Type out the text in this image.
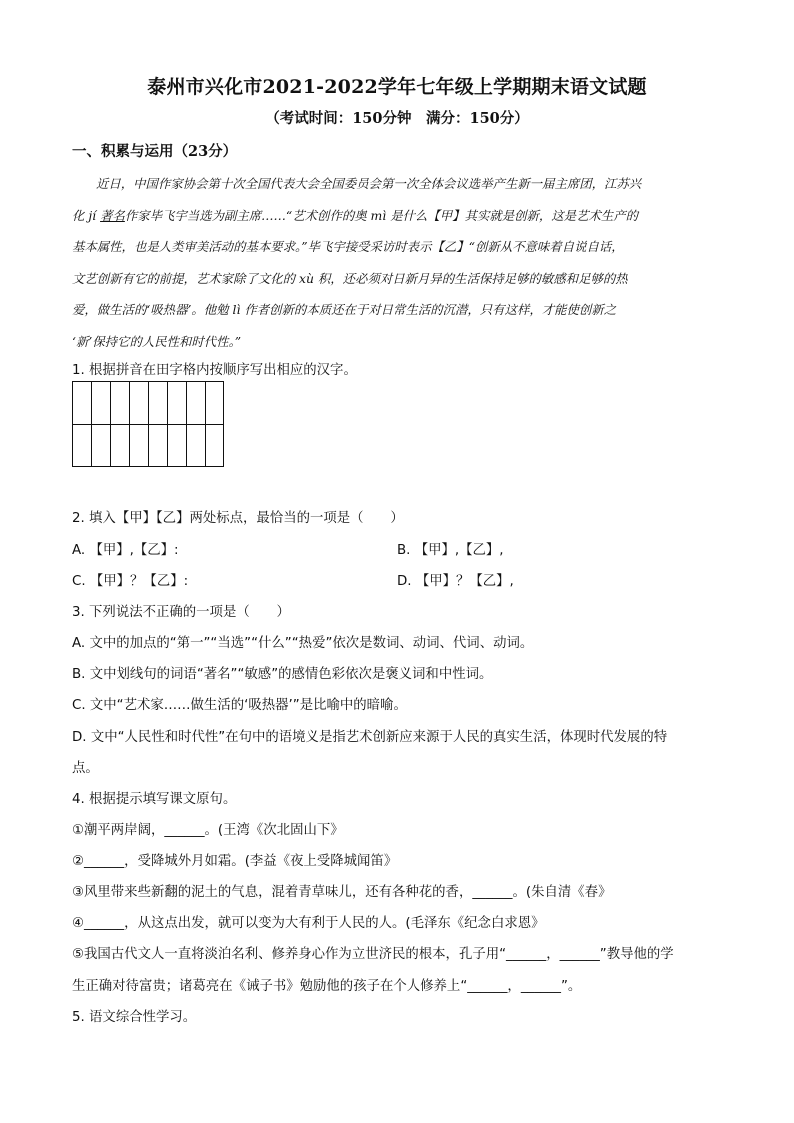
泰州市兴化市2021-2022学年七年级上学期期末语文试题
（考试时间：150分钟　满分：150分）
一、积累与运用（23分）

近日，中国作家协会第十次全国代表大会全国委员会第一次全体会议选举产生新一届主席团，江苏兴

化 jí 著名作家毕飞宇当选为副主席……“艺术创作的奥 mì 是什么【甲】其实就是创新，这是艺术生产的

基本属性，也是人类审美活动的基本要求。”毕飞宇接受采访时表示【乙】“创新从不意味着自说自话，

文艺创新有它的前提，艺术家除了文化的 xù 积，还必须对日新月异的生活保持足够的敏感和足够的热

爱，做生活的‘吸热器’。他勉 lì 作者创新的本质还在于对日常生活的沉潜，只有这样，才能使创新之

‘新’保持它的人民性和时代性。”

1. 根据拼音在田字格内按顺序写出相应的汉字。
2. 填入【甲】【乙】两处标点，最恰当的一项是（　　）
A. 【甲】,【乙】:	B. 【甲】,【乙】,
C. 【甲】？【乙】:	D. 【甲】？【乙】,
3. 下列说法不正确的一项是（　　）
A. 文中的加点的“第一”“当选”“什么”“热爱”依次是数词、动词、代词、动词。
B. 文中划线句的词语“著名”“敏感”的感情色彩依次是褒义词和中性词。
C. 文中“艺术家……做生活的‘吸热器’”是比喻中的暗喻。
D. 文中“人民性和时代性”在句中的语境义是指艺术创新应来源于人民的真实生活，体现时代发展的特
点。
4. 根据提示填写课文原句。
①潮平两岸阔，______。(王湾《次北固山下》
②______，受降城外月如霜。(李益《夜上受降城闻笛》
③风里带来些新翻的泥土的气息，混着青草味儿，还有各种花的香，______。(朱自清《春》
④______，从这点出发，就可以变为大有利于人民的人。(毛泽东《纪念白求恩》
⑤我国古代文人一直将淡泊名利、修养身心作为立世济民的根本，孔子用“______，______”教导他的学
生正确对待富贵；诸葛亮在《诫子书》勉励他的孩子在个人修养上“______，______”。
5. 语文综合性学习。
